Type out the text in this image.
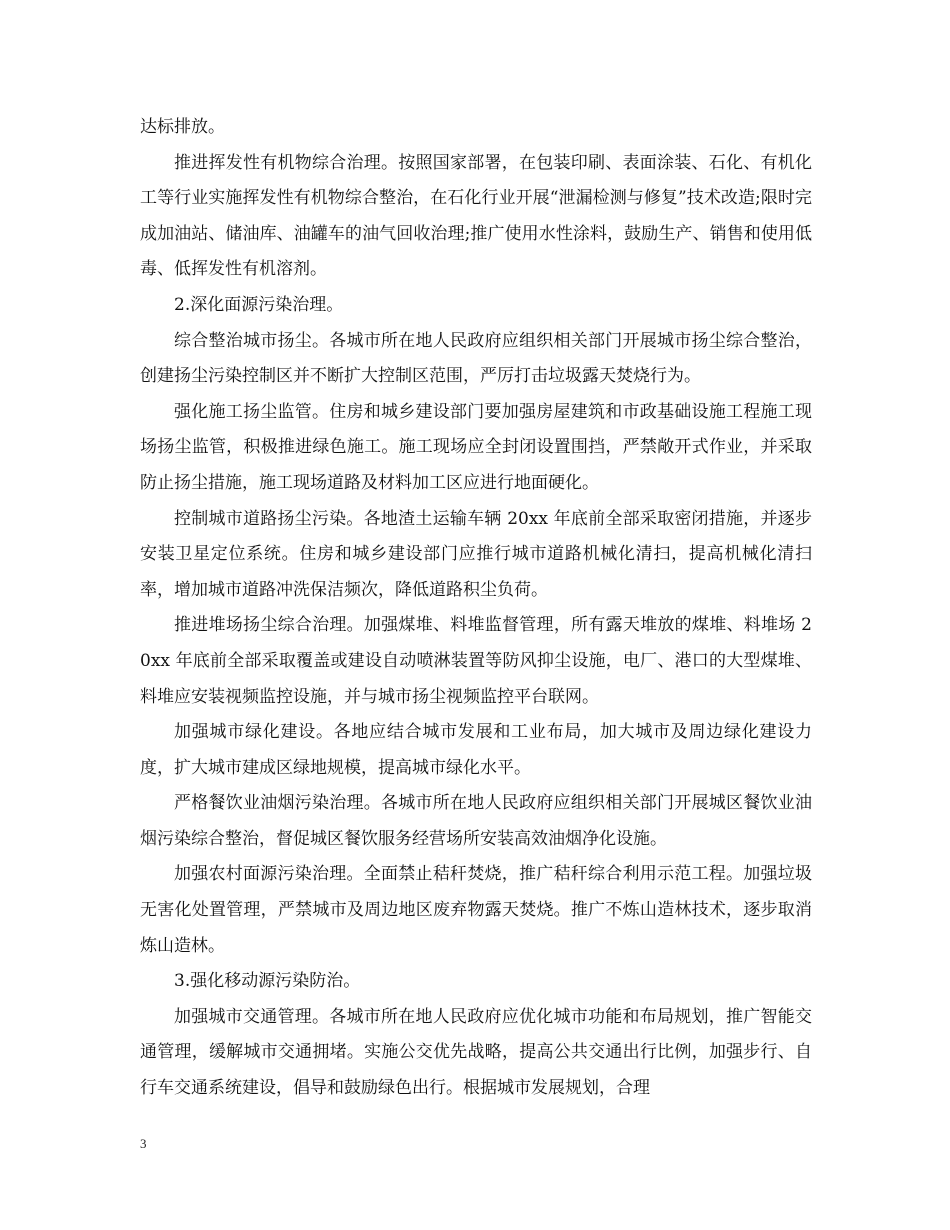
达标排放。

推进挥发性有机物综合治理。按照国家部署，在包装印刷、表面涂装、石化、有机化工等行业实施挥发性有机物综合整治，在石化行业开展“泄漏检测与修复”技术改造;限时完成加油站、储油库、油罐车的油气回收治理;推广使用水性涂料，鼓励生产、销售和使用低毒、低挥发性有机溶剂。

2.深化面源污染治理。

综合整治城市扬尘。各城市所在地人民政府应组织相关部门开展城市扬尘综合整治，创建扬尘污染控制区并不断扩大控制区范围，严厉打击垃圾露天焚烧行为。

强化施工扬尘监管。住房和城乡建设部门要加强房屋建筑和市政基础设施工程施工现场扬尘监管，积极推进绿色施工。施工现场应全封闭设置围挡，严禁敞开式作业，并采取防止扬尘措施，施工现场道路及材料加工区应进行地面硬化。

控制城市道路扬尘污染。各地渣土运输车辆 20xx 年底前全部采取密闭措施，并逐步安装卫星定位系统。住房和城乡建设部门应推行城市道路机械化清扫，提高机械化清扫率，增加城市道路冲洗保洁频次，降低道路积尘负荷。

推进堆场扬尘综合治理。加强煤堆、料堆监督管理，所有露天堆放的煤堆、料堆场 20xx 年底前全部采取覆盖或建设自动喷淋装置等防风抑尘设施，电厂、港口的大型煤堆、料堆应安装视频监控设施，并与城市扬尘视频监控平台联网。

加强城市绿化建设。各地应结合城市发展和工业布局，加大城市及周边绿化建设力度，扩大城市建成区绿地规模，提高城市绿化水平。

严格餐饮业油烟污染治理。各城市所在地人民政府应组织相关部门开展城区餐饮业油烟污染综合整治，督促城区餐饮服务经营场所安装高效油烟净化设施。

加强农村面源污染治理。全面禁止秸秆焚烧，推广秸秆综合利用示范工程。加强垃圾无害化处置管理，严禁城市及周边地区废弃物露天焚烧。推广不炼山造林技术，逐步取消炼山造林。

3.强化移动源污染防治。

加强城市交通管理。各城市所在地人民政府应优化城市功能和布局规划，推广智能交通管理，缓解城市交通拥堵。实施公交优先战略，提高公共交通出行比例，加强步行、自行车交通系统建设，倡导和鼓励绿色出行。根据城市发展规划，合理

3
